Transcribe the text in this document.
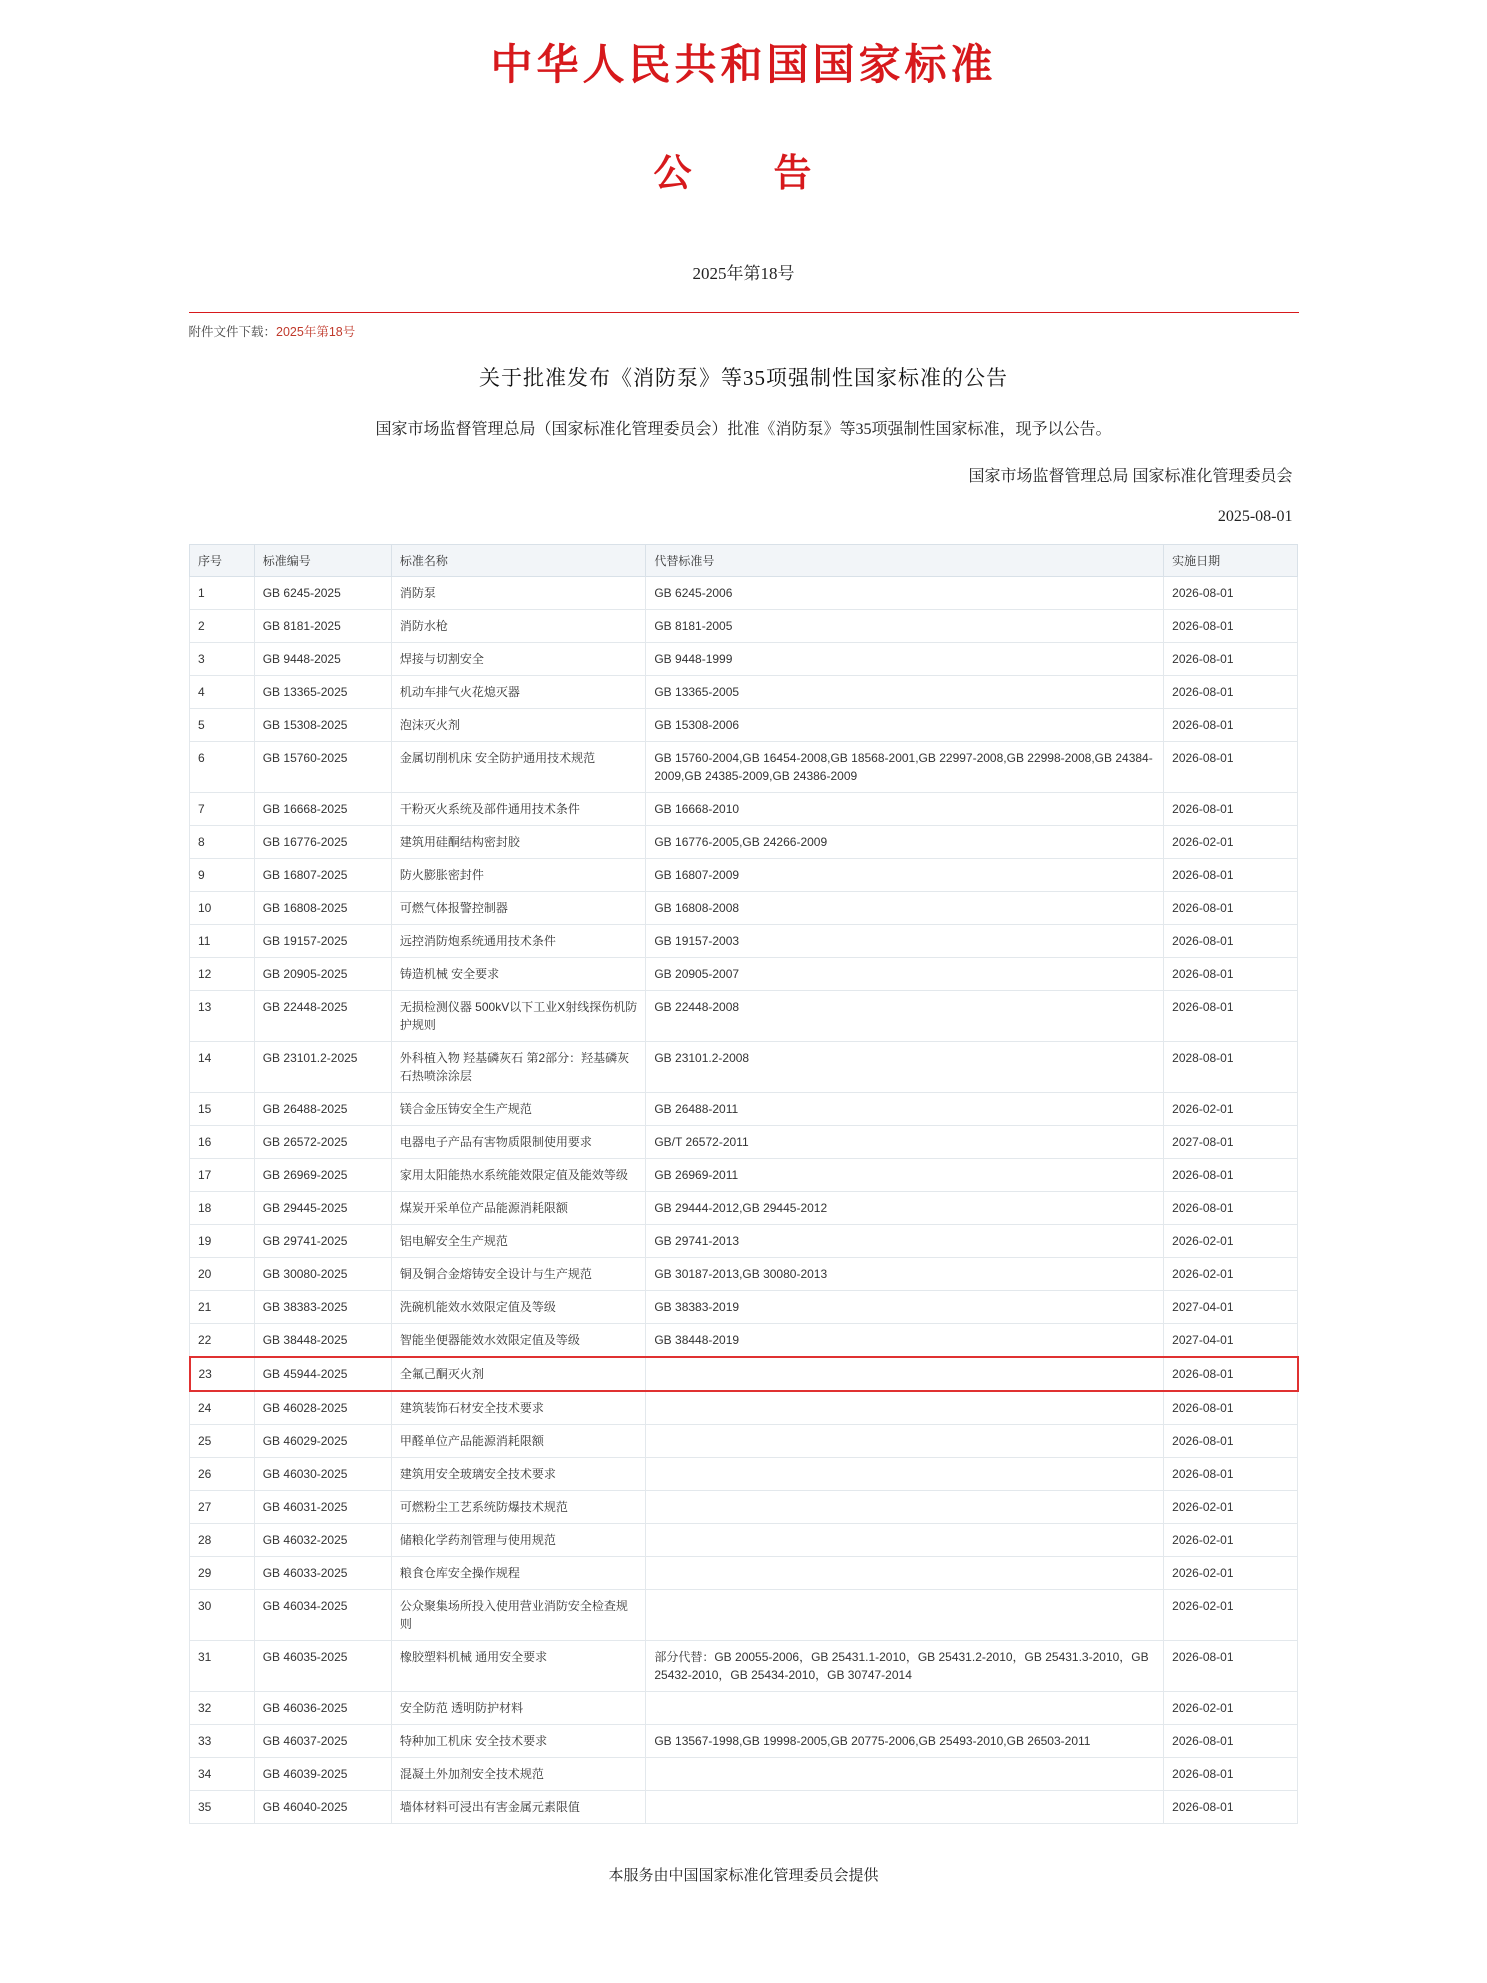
中华人民共和国国家标准
公　告
2025年第18号
附件文件下载：2025年第18号
关于批准发布《消防泵》等35项强制性国家标准的公告
国家市场监督管理总局（国家标准化管理委员会）批准《消防泵》等35项强制性国家标准，现予以公告。
国家市场监督管理总局 国家标准化管理委员会
2025-08-01
序号	标准编号	标准名称	代替标准号	实施日期
1	GB 6245-2025	消防泵	GB 6245-2006	2026-08-01
2	GB 8181-2025	消防水枪	GB 8181-2005	2026-08-01
3	GB 9448-2025	焊接与切割安全	GB 9448-1999	2026-08-01
4	GB 13365-2025	机动车排气火花熄灭器	GB 13365-2005	2026-08-01
5	GB 15308-2025	泡沫灭火剂	GB 15308-2006	2026-08-01
6	GB 15760-2025	金属切削机床 安全防护通用技术规范	GB 15760-2004,GB 16454-2008,GB 18568-2001,GB 22997-2008,GB 22998-2008,GB 24384-2009,GB 24385-2009,GB 24386-2009	2026-08-01
7	GB 16668-2025	干粉灭火系统及部件通用技术条件	GB 16668-2010	2026-08-01
8	GB 16776-2025	建筑用硅酮结构密封胶	GB 16776-2005,GB 24266-2009	2026-02-01
9	GB 16807-2025	防火膨胀密封件	GB 16807-2009	2026-08-01
10	GB 16808-2025	可燃气体报警控制器	GB 16808-2008	2026-08-01
11	GB 19157-2025	远控消防炮系统通用技术条件	GB 19157-2003	2026-08-01
12	GB 20905-2025	铸造机械 安全要求	GB 20905-2007	2026-08-01
13	GB 22448-2025	无损检测仪器 500kV以下工业X射线探伤机防护规则	GB 22448-2008	2026-08-01
14	GB 23101.2-2025	外科植入物 羟基磷灰石 第2部分：羟基磷灰石热喷涂涂层	GB 23101.2-2008	2028-08-01
15	GB 26488-2025	镁合金压铸安全生产规范	GB 26488-2011	2026-02-01
16	GB 26572-2025	电器电子产品有害物质限制使用要求	GB/T 26572-2011	2027-08-01
17	GB 26969-2025	家用太阳能热水系统能效限定值及能效等级	GB 26969-2011	2026-08-01
18	GB 29445-2025	煤炭开采单位产品能源消耗限额	GB 29444-2012,GB 29445-2012	2026-08-01
19	GB 29741-2025	铝电解安全生产规范	GB 29741-2013	2026-02-01
20	GB 30080-2025	铜及铜合金熔铸安全设计与生产规范	GB 30187-2013,GB 30080-2013	2026-02-01
21	GB 38383-2025	洗碗机能效水效限定值及等级	GB 38383-2019	2027-04-01
22	GB 38448-2025	智能坐便器能效水效限定值及等级	GB 38448-2019	2027-04-01
23	GB 45944-2025	全氟己酮灭火剂		2026-08-01
24	GB 46028-2025	建筑装饰石材安全技术要求		2026-08-01
25	GB 46029-2025	甲醛单位产品能源消耗限额		2026-08-01
26	GB 46030-2025	建筑用安全玻璃安全技术要求		2026-08-01
27	GB 46031-2025	可燃粉尘工艺系统防爆技术规范		2026-02-01
28	GB 46032-2025	储粮化学药剂管理与使用规范		2026-02-01
29	GB 46033-2025	粮食仓库安全操作规程		2026-02-01
30	GB 46034-2025	公众聚集场所投入使用营业消防安全检查规则		2026-02-01
31	GB 46035-2025	橡胶塑料机械 通用安全要求	部分代替：GB 20055-2006，GB 25431.1-2010，GB 25431.2-2010，GB 25431.3-2010，GB 25432-2010，GB 25434-2010，GB 30747-2014	2026-08-01
32	GB 46036-2025	安全防范 透明防护材料		2026-02-01
33	GB 46037-2025	特种加工机床 安全技术要求	GB 13567-1998,GB 19998-2005,GB 20775-2006,GB 25493-2010,GB 26503-2011	2026-08-01
34	GB 46039-2025	混凝土外加剂安全技术规范		2026-08-01
35	GB 46040-2025	墙体材料可浸出有害金属元素限值		2026-08-01
本服务由中国国家标准化管理委员会提供
